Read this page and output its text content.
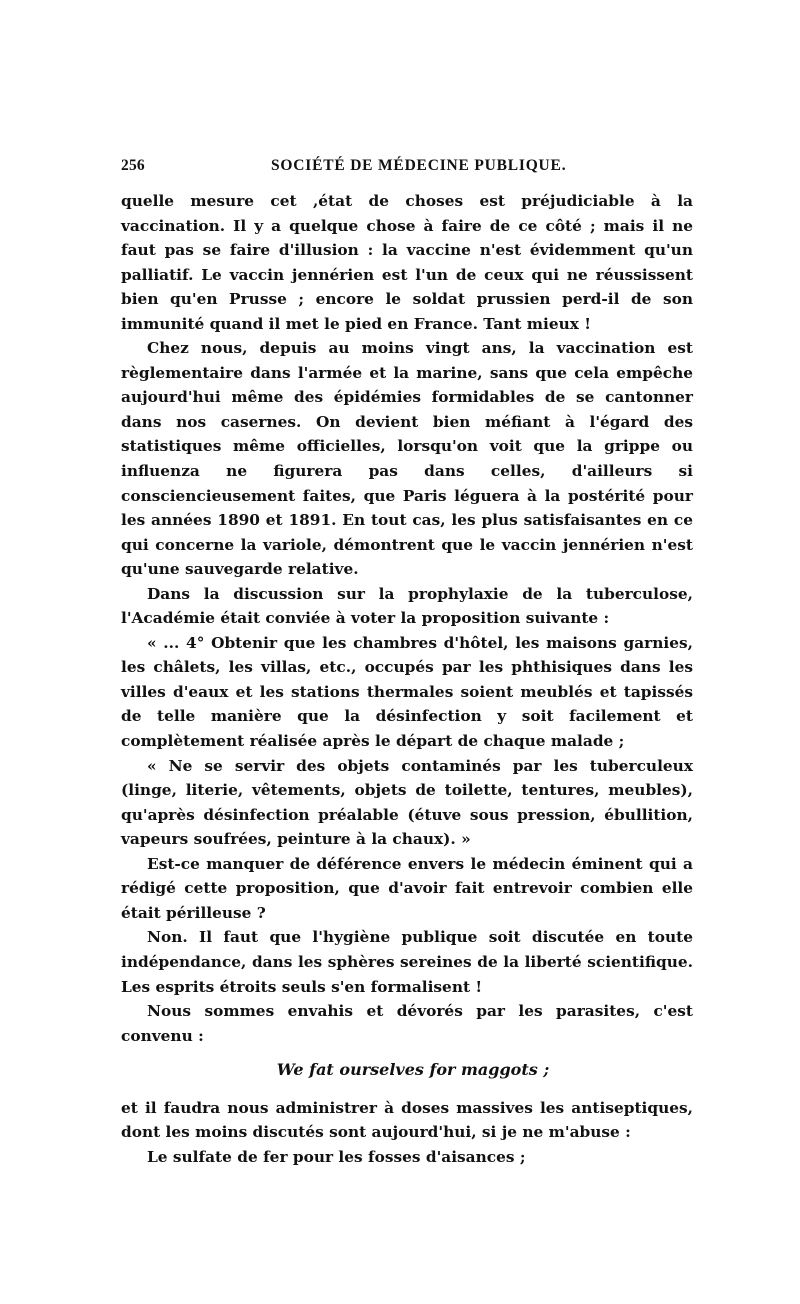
256	SOCIÉTÉ DE MÉDECINE PUBLIQUE.

quelle mesure cet ,état de choses est préjudiciable à la vaccination. Il y a quelque chose à faire de ce côté ; mais il ne faut pas se faire d'illusion : la vaccine n'est évidemment qu'un palliatif. Le vaccin jennérien est l'un de ceux qui ne réussissent bien qu'en Prusse ; encore le soldat prussien perd-il de son immunité quand il met le pied en France. Tant mieux !

Chez nous, depuis au moins vingt ans, la vaccination est règlementaire dans l'armée et la marine, sans que cela empêche aujourd'hui même des épidémies formidables de se cantonner dans nos casernes. On devient bien méfiant à l'égard des statistiques même officielles, lorsqu'on voit que la grippe ou influenza ne figurera pas dans celles, d'ailleurs si consciencieusement faites, que Paris léguera à la postérité pour les années 1890 et 1891. En tout cas, les plus satisfaisantes en ce qui concerne la variole, démontrent que le vaccin jennérien n'est qu'une sauvegarde relative.

Dans la discussion sur la prophylaxie de la tuberculose, l'Académie était conviée à voter la proposition suivante :

« ... 4° Obtenir que les chambres d'hôtel, les maisons garnies, les châlets, les villas, etc., occupés par les phthisiques dans les villes d'eaux et les stations thermales soient meublés et tapissés de telle manière que la désinfection y soit facilement et complètement réalisée après le départ de chaque malade ;

« Ne se servir des objets contaminés par les tuberculeux (linge, literie, vêtements, objets de toilette, tentures, meubles), qu'après désinfection préalable (étuve sous pression, ébullition, vapeurs soufrées, peinture à la chaux). »

Est-ce manquer de déférence envers le médecin éminent qui a rédigé cette proposition, que d'avoir fait entrevoir combien elle était périlleuse ?

Non. Il faut que l'hygiène publique soit discutée en toute indépendance, dans les sphères sereines de la liberté scientifique. Les esprits étroits seuls s'en formalisent !

Nous sommes envahis et dévorés par les parasites, c'est convenu :

We fat ourselves for maggots ;

et il faudra nous administrer à doses massives les antiseptiques, dont les moins discutés sont aujourd'hui, si je ne m'abuse :

Le sulfate de fer pour les fosses d'aisances ;
